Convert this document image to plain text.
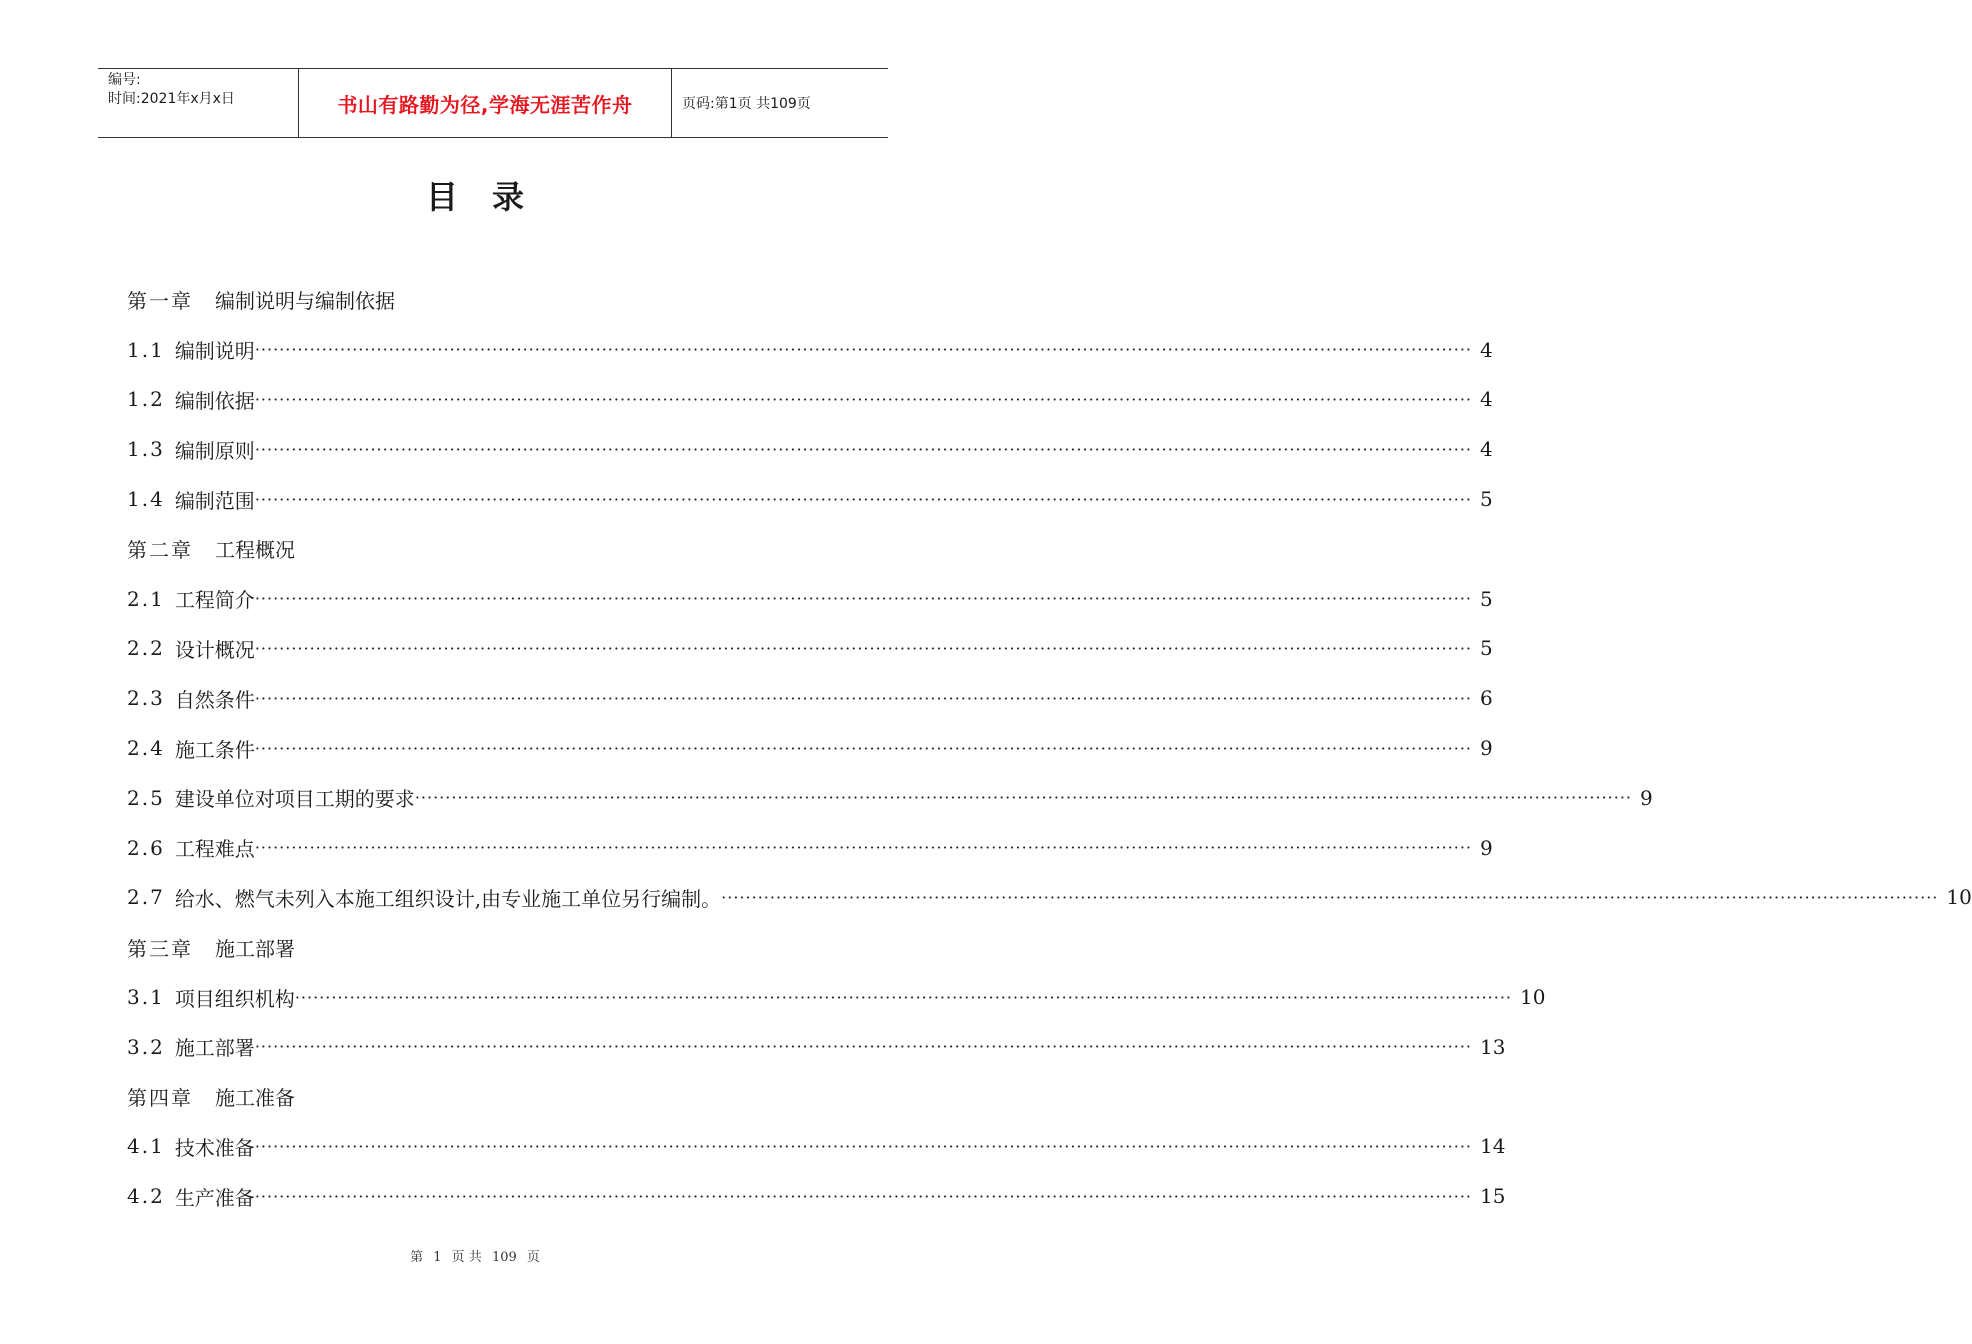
编号:
时间:2021年x月x日	书山有路勤为径,学海无涯苦作舟	页码:第1页 共109页
目录
第一章 编制说明与编制依据
1.1 编制说明 ········································································································································································································ 4
1.2 编制依据 ········································································································································································································ 4
1.3 编制原则 ········································································································································································································ 4
1.4 编制范围 ········································································································································································································ 5
第二章 工程概况
2.1 工程简介 ········································································································································································································ 5
2.2 设计概况 ········································································································································································································ 5
2.3 自然条件 ········································································································································································································ 6
2.4 施工条件 ········································································································································································································ 9
2.5 建设单位对项目工期的要求 ········································································································································································································ 9
2.6 工程难点 ········································································································································································································ 9
2.7 给水、燃气未列入本施工组织设计,由专业施工单位另行编制。 ········································································································································································································ 10
第三章 施工部署
3.1 项目组织机构 ········································································································································································································ 10
3.2 施工部署 ········································································································································································································ 13
第四章 施工准备
4.1 技术准备 ········································································································································································································ 14
4.2 生产准备 ········································································································································································································ 15
第 1 页 共 109 页
